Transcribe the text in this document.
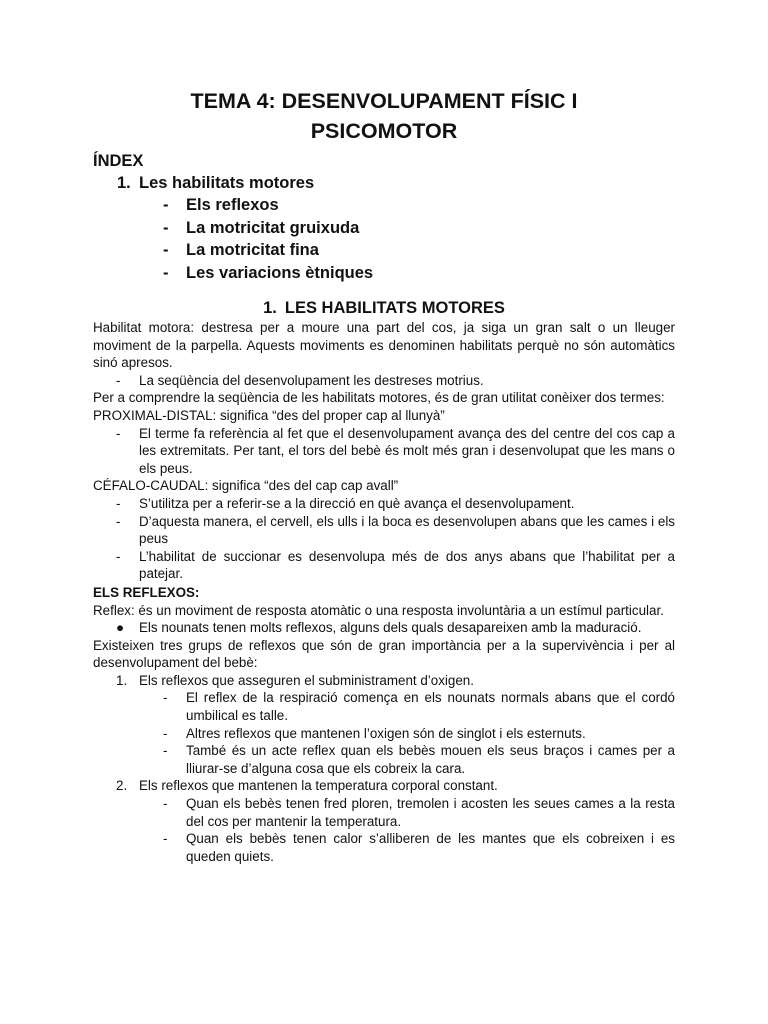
TEMA 4: DESENVOLUPAMENT FÍSIC I
PSICOMOTOR
ÍNDEX
1. Les habilitats motores
- Els reflexos
- La motricitat gruixuda
- La motricitat fina
- Les variacions ètniques
1. LES HABILITATS MOTORES

Habilitat motora: destresa per a moure una part del cos, ja siga un gran salt o un lleuger moviment de la parpella. Aquests moviments es denominen habilitats perquè no són automàtics sinó apresos.

- La seqüència del desenvolupament les destreses motrius.

Per a comprendre la seqüència de les habilitats motores, és de gran utilitat conèixer dos termes:

PROXIMAL-DISTAL: significa “des del proper cap al llunyà”

- El terme fa referència al fet que el desenvolupament avança des del centre del cos cap a les extremitats. Per tant, el tors del bebè és molt més gran i desenvolupat que les mans o els peus.

CÉFALO-CAUDAL: significa “des del cap cap avall”

- S’utilitza per a referir-se a la direcció en què avança el desenvolupament.
- D’aquesta manera, el cervell, els ulls i la boca es desenvolupen abans que les cames i els peus
- L’habilitat de succionar es desenvolupa més de dos anys abans que l’habilitat per a patejar.
ELS REFLEXOS:

Reflex: és un moviment de resposta atomàtic o una resposta involuntària a un estímul particular.

● Els nounats tenen molts reflexos, alguns dels quals desapareixen amb la maduració.

Existeixen tres grups de reflexos que són de gran importància per a la supervivència i per al desenvolupament del bebè:

1. Els reflexos que asseguren el subministrament d’oxigen.
- El reflex de la respiració comença en els nounats normals abans que el cordó umbilical es talle.
- Altres reflexos que mantenen l’oxigen són de singlot i els esternuts.
- També és un acte reflex quan els bebès mouen els seus braços i cames per a lliurar-se d’alguna cosa que els cobreix la cara.
2. Els reflexos que mantenen la temperatura corporal constant.
- Quan els bebès tenen fred ploren, tremolen i acosten les seues cames a la resta del cos per mantenir la temperatura.
- Quan els bebès tenen calor s’alliberen de les mantes que els cobreixen i es queden quiets.
